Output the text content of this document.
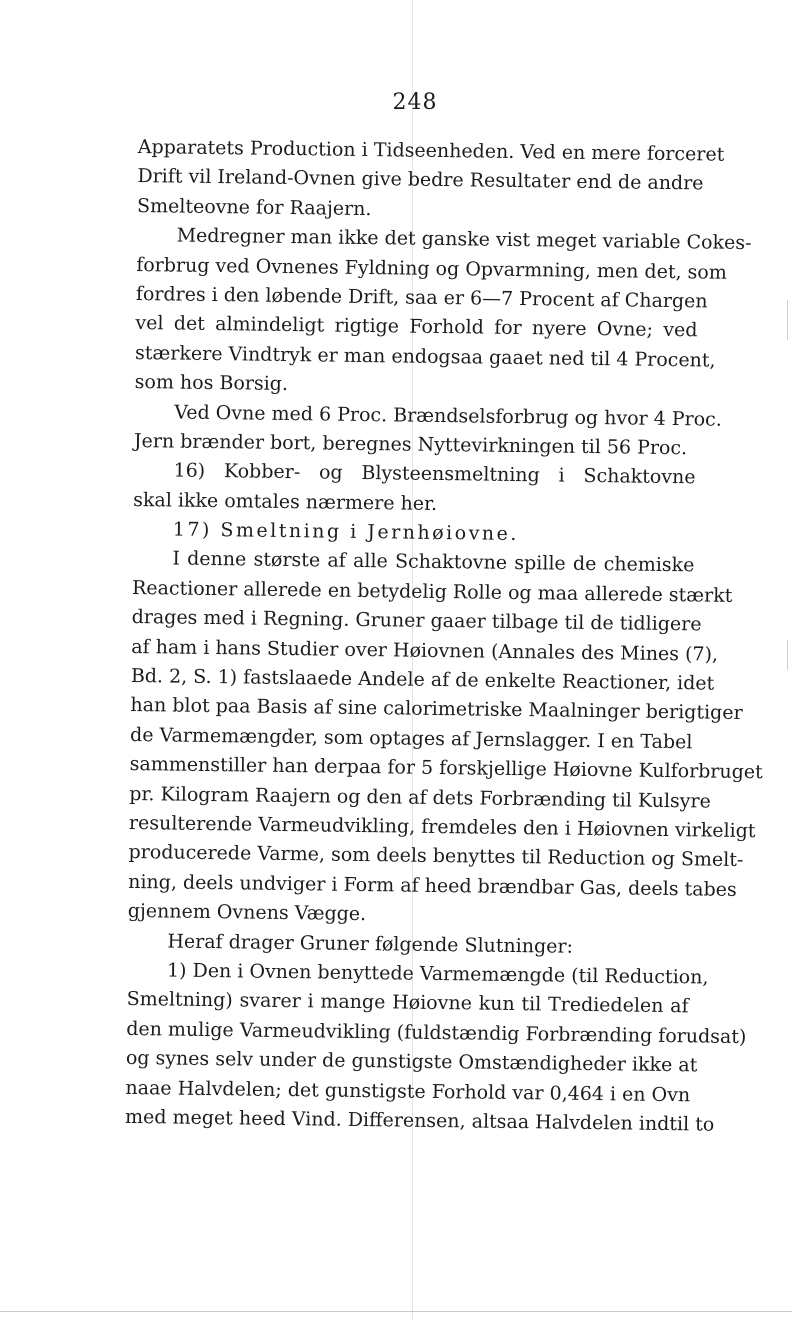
248
Apparatets Production i Tidseenheden. Ved en mere forceret
Drift vil Ireland-Ovnen give bedre Resultater end de andre
Smelteovne for Raajern.
Medregner man ikke det ganske vist meget variable Cokes-
forbrug ved Ovnenes Fyldning og Opvarmning, men det, som
fordres i den løbende Drift, saa er 6—7 Procent af Chargen
vel det almindeligt rigtige Forhold for nyere Ovne; ved
stærkere Vindtryk er man endogsaa gaaet ned til 4 Procent,
som hos Borsig.
Ved Ovne med 6 Proc. Brændselsforbrug og hvor 4 Proc.
Jern brænder bort, beregnes Nyttevirkningen til 56 Proc.
16) Kobber- og Blysteensmeltning i Schaktovne
skal ikke omtales nærmere her.
17) Smeltning i Jernhøiovne.
I denne største af alle Schaktovne spille de chemiske
Reactioner allerede en betydelig Rolle og maa allerede stærkt
drages med i Regning. Gruner gaaer tilbage til de tidligere
af ham i hans Studier over Høiovnen (Annales des Mines (7),
Bd. 2, S. 1) fastslaaede Andele af de enkelte Reactioner, idet
han blot paa Basis af sine calorimetriske Maalninger berigtiger
de Varmemængder, som optages af Jernslagger. I en Tabel
sammenstiller han derpaa for 5 forskjellige Høiovne Kulforbruget
pr. Kilogram Raajern og den af dets Forbrænding til Kulsyre
resulterende Varmeudvikling, fremdeles den i Høiovnen virkeligt
producerede Varme, som deels benyttes til Reduction og Smelt-
ning, deels undviger i Form af heed brændbar Gas, deels tabes
gjennem Ovnens Vægge.
Heraf drager Gruner følgende Slutninger:
1) Den i Ovnen benyttede Varmemængde (til Reduction,
Smeltning) svarer i mange Høiovne kun til Trediedelen af
den mulige Varmeudvikling (fuldstændig Forbrænding forudsat)
og synes selv under de gunstigste Omstændigheder ikke at
naae Halvdelen; det gunstigste Forhold var 0,464 i en Ovn
med meget heed Vind. Differensen, altsaa Halvdelen indtil to
